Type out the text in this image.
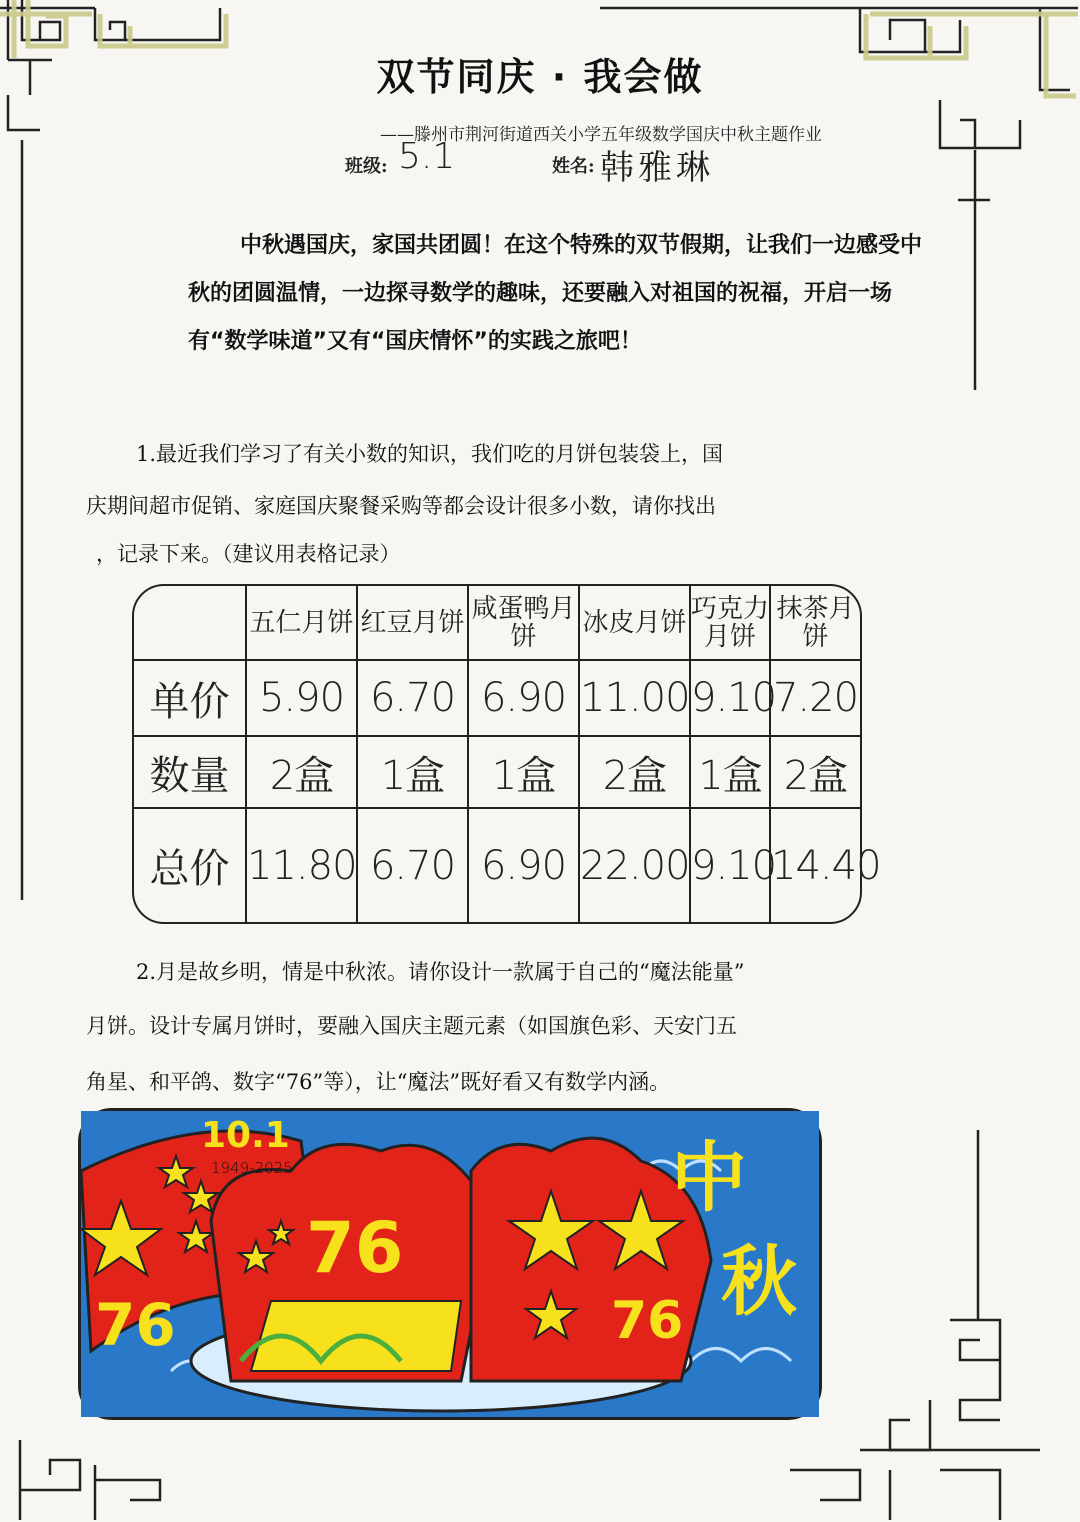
双节同庆 · 我会做
——滕州市荆河街道西关小学五年级数学国庆中秋主题作业
班级: 5.1	姓名: 韩雅琳
中秋遇国庆，家国共团圆！在这个特殊的双节假期，让我们一边感受中秋的团圆温情，一边探寻数学的趣味，还要融入对祖国的祝福，开启一场有“数学味道”又有“国庆情怀”的实践之旅吧！
1.最近我们学习了有关小数的知识，我们吃的月饼包装袋上，国
庆期间超市促销、家庭国庆聚餐采购等都会设计很多小数，请你找出
，记录下来。（建议用表格记录）
	五仁月饼	红豆月饼	咸蛋鸭月饼	冰皮月饼	巧克力月饼	抹茶月饼
单价	5.90	6.70	6.90	11.00	9.10	7.20
数量	2盒	1盒	1盒	2盒	1盒	2盒
总价	11.80	6.70	6.90	22.00	9.10	14.40
2.月是故乡明，情是中秋浓。请你设计一款属于自己的“魔法能量”
月饼。设计专属月饼时，要融入国庆主题元素（如国旗色彩、天安门五
角星、和平鸽、数字“76”等），让“魔法”既好看又有数学内涵。
10.1
1949-2025
76
76
76
中
秋
